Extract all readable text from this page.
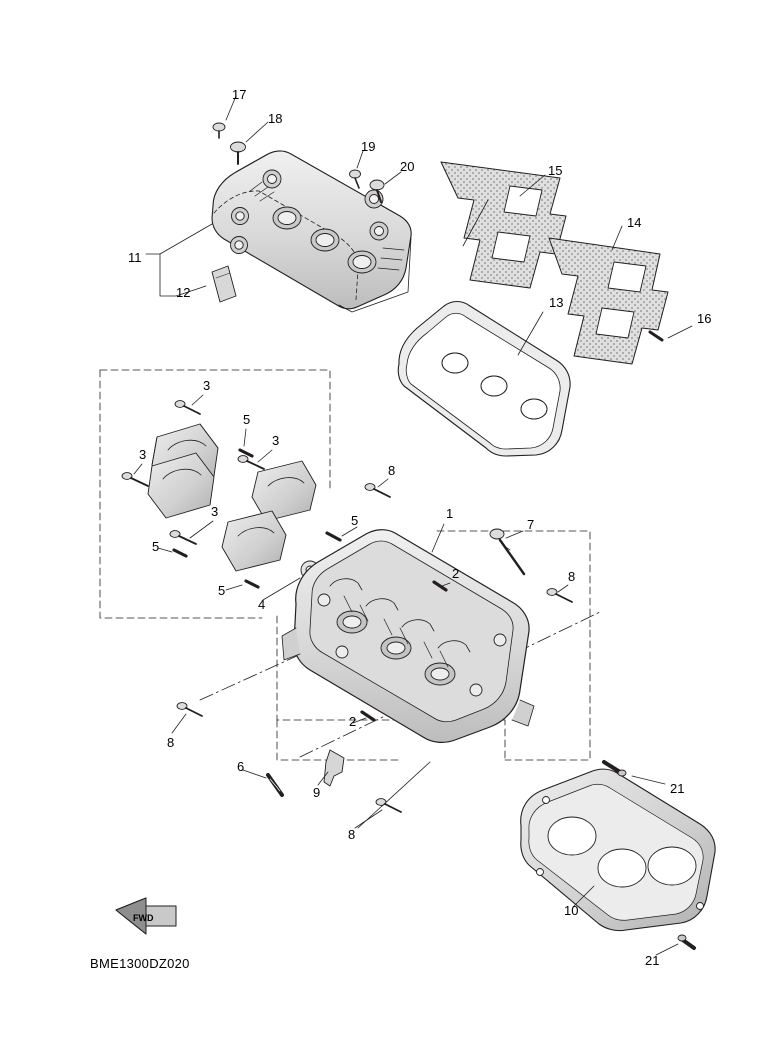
17
18
19
20	15
14
11
12
13
16
3
5
3
3
8
3	1
7
5
5
2	8
5
4
2
8
6
9	21
8
10
21
FWD
BME1300DZ020
